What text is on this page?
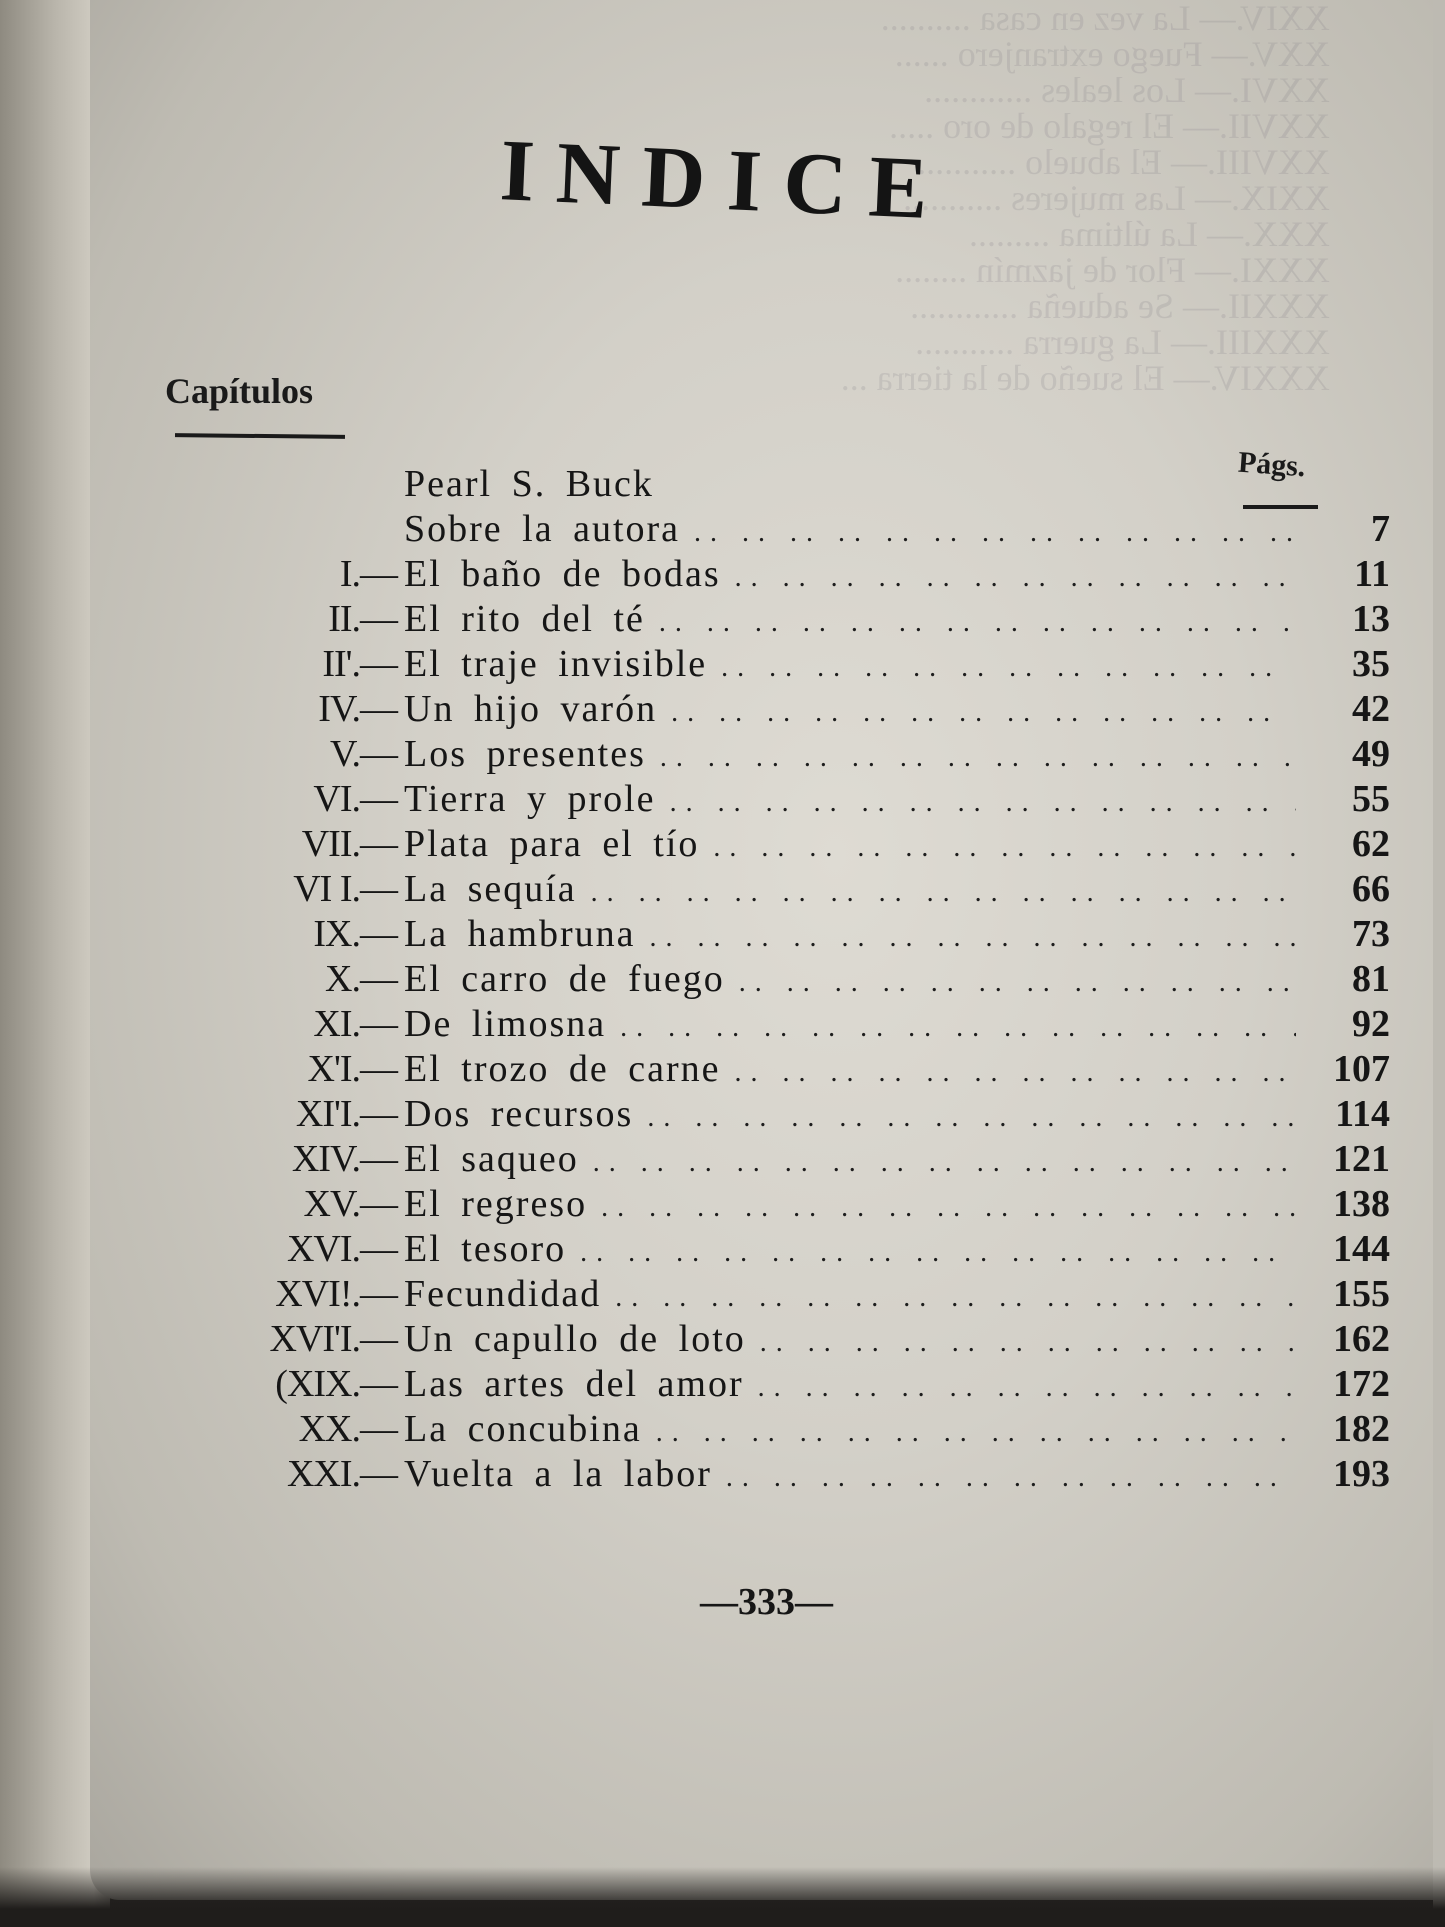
INDICE
Capítulos
Págs.
Pearl S. Buck
Sobre la autora .. ..	7
I. — El baño de bodas .. ..	11
II. — El rito del té .. ..	13
II'. — El traje invisible .. ..	35
IV. — Un hijo varón .. ..	42
V. — Los presentes .. ..	49
VI. — Tierra y prole .. ..	55
VII. — Plata para el tío .. ..	62
VI I. — La sequía .. ..	66
IX. — La hambruna .. ..	73
X. — El carro de fuego .. ..	81
XI. — De limosna .. ..	92
X'I. — El trozo de carne .. ..	107
XI'I. — Dos recursos .. ..	114
XIV. — El saqueo .. ..	121
XV. — El regreso .. ..	138
XVI. — El tesoro .. ..	144
XVI!. — Fecundidad .. ..	155
XVI'I. — Un capullo de loto .. ..	162
(XIX. — Las artes del amor .. ..	172
XX. — La concubina .. ..	182
XXI. — Vuelta a la labor .. ..	193
—333—
